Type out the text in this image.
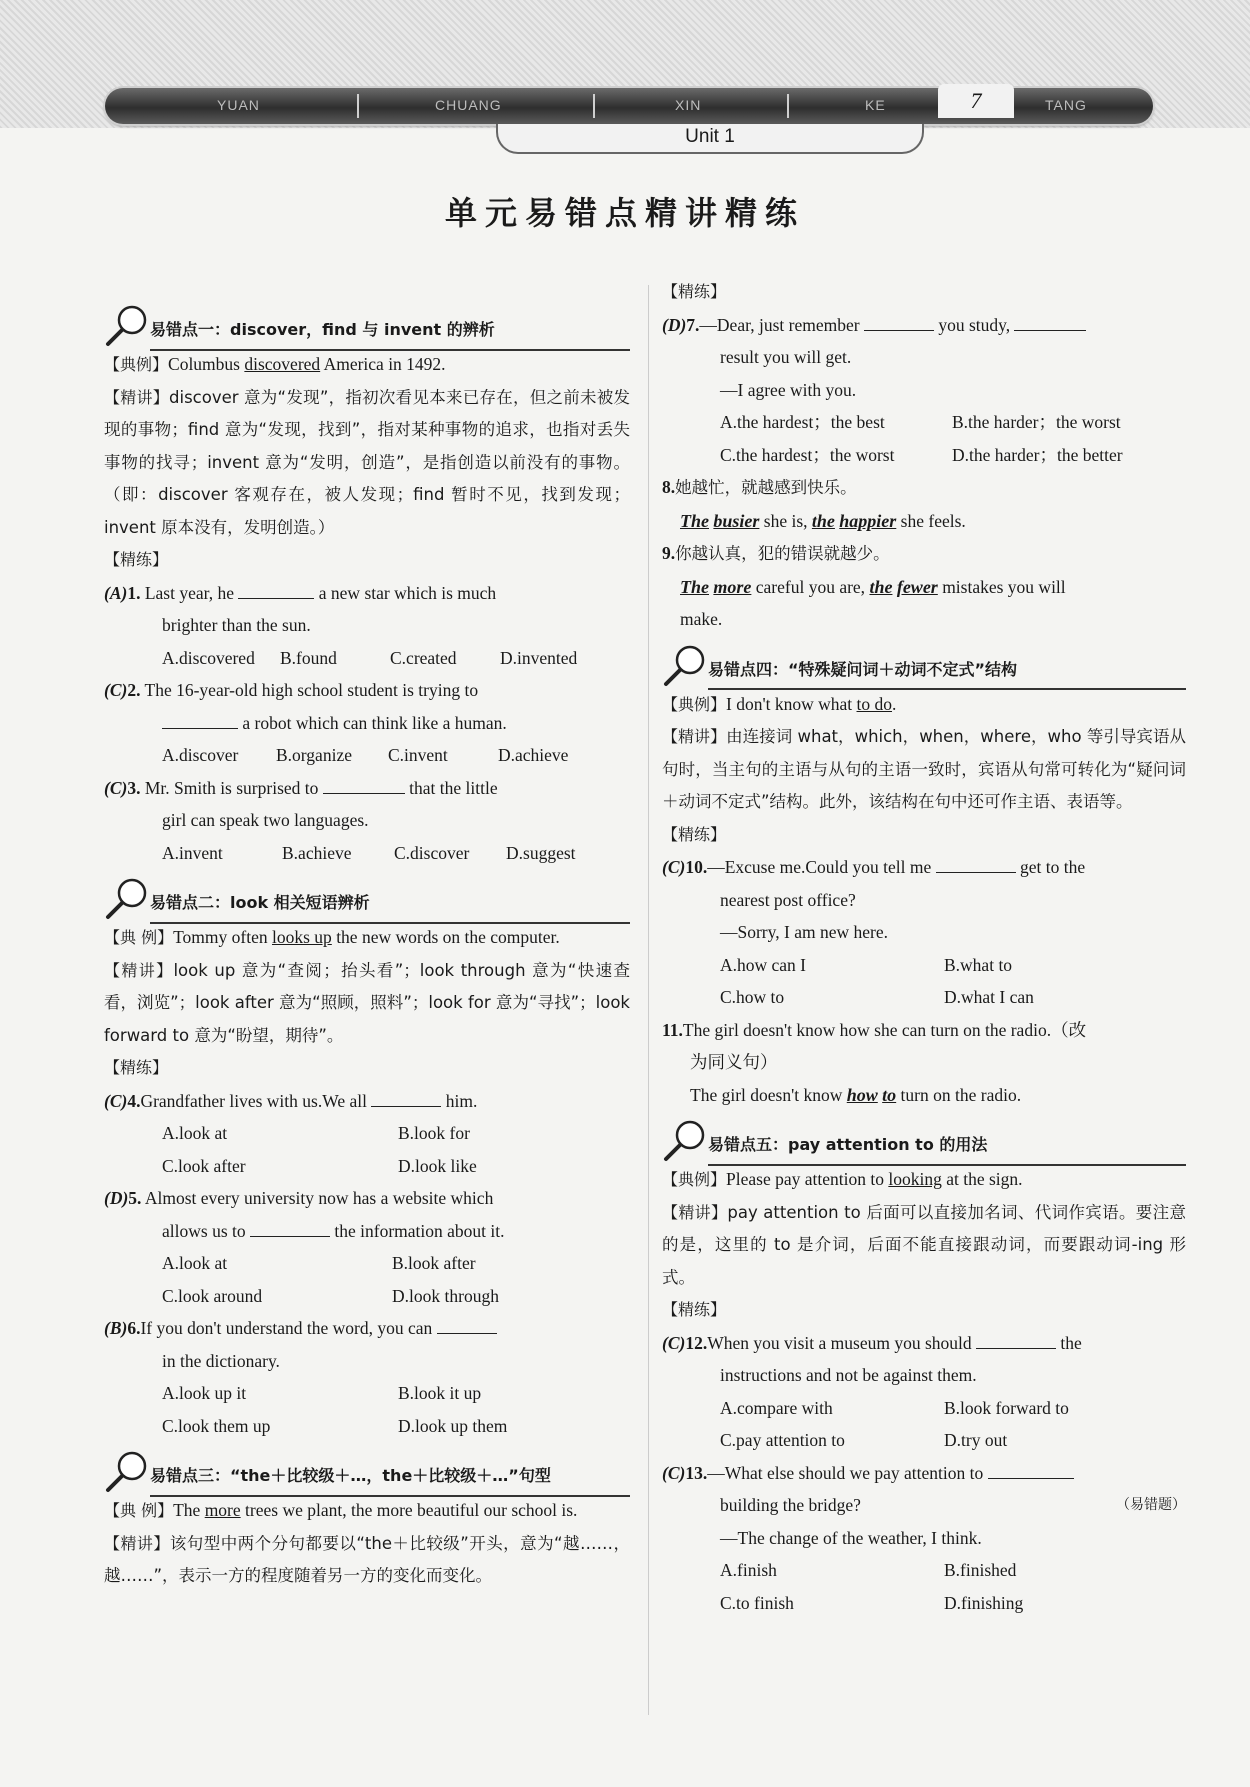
YUAN	CHUANG	XIN	KE	TANG
7
Unit 1
单元易错点精讲精练
易错点一：discover，find 与 invent 的辨析
【典例】Columbus discovered America in 1492.
【精讲】discover 意为“发现”，指初次看见本来已存在，但之前未被发现的事物；find 意为“发现，找到”，指对某种事物的追求，也指对丢失事物的找寻；invent 意为“发明，创造”，是指创造以前没有的事物。（即：discover 客观存在，被人发现；find 暂时不见，找到发现；invent 原本没有，发明创造。）
【精练】
(A)1. Last year, he	a new star which is much
brighter than the sun.
A.discovered	B.found	C.created	D.invented
(C)2. The 16-year-old high school student is trying to
a robot which can think like a human.
A.discover	B.organize	C.invent	D.achieve
(C)3. Mr. Smith is surprised to	that the little
girl can speak two languages.
A.invent	B.achieve	C.discover	D.suggest
易错点二：look 相关短语辨析
【典 例】Tommy often looks up the new words on the computer.
【精讲】look up 意为“查阅；抬头看”；look through 意为“快速查看，浏览”；look after 意为“照顾，照料”；look for 意为“寻找”；look forward to 意为“盼望，期待”。
【精练】
(C)4.Grandfather lives with us.We all	him.
A.look at	B.look for
C.look after	D.look like
(D)5. Almost every university now has a website which
allows us to	the information about it.
A.look at	B.look after
C.look around	D.look through
(B)6.If you don't understand the word, you can
in the dictionary.
A.look up it	B.look it up
C.look them up	D.look up them
易错点三：“the＋比较级＋…，the＋比较级＋…”句型
【典 例】The more trees we plant, the more beautiful our school is.
【精讲】该句型中两个分句都要以“the＋比较级”开头，意为“越……，越……”，表示一方的程度随着另一方的变化而变化。
【精练】
(D)7.—Dear, just remember	you study,
result you will get.
—I agree with you.
A.the hardest；the best	B.the harder；the worst
C.the hardest；the worst	D.the harder；the better
8.她越忙，就越感到快乐。
The busier she is, the happier she feels.
9.你越认真，犯的错误就越少。
The more careful you are, the fewer mistakes you will
make.
易错点四：“特殊疑问词＋动词不定式”结构
【典例】I don't know what to do.
【精讲】由连接词 what，which，when，where，who 等引导宾语从句时，当主句的主语与从句的主语一致时，宾语从句常可转化为“疑问词＋动词不定式”结构。此外，该结构在句中还可作主语、表语等。
【精练】
(C)10.—Excuse me.Could you tell me	get to the
nearest post office?
—Sorry, I am new here.
A.how can I	B.what to
C.how to	D.what I can
11.The girl doesn't know how she can turn on the radio.（改
为同义句）
The girl doesn't know how to turn on the radio.
易错点五：pay attention to 的用法
【典例】Please pay attention to looking at the sign.
【精讲】pay attention to 后面可以直接加名词、代词作宾语。要注意的是，这里的 to 是介词，后面不能直接跟动词，而要跟动词-ing 形式。
【精练】
(C)12.When you visit a museum you should	the
instructions and not be against them.
A.compare with	B.look forward to
C.pay attention to	D.try out
(C)13.—What else should we pay attention to
building the bridge?	（易错题）
—The change of the weather, I think.
A.finish	B.finished
C.to finish	D.finishing
